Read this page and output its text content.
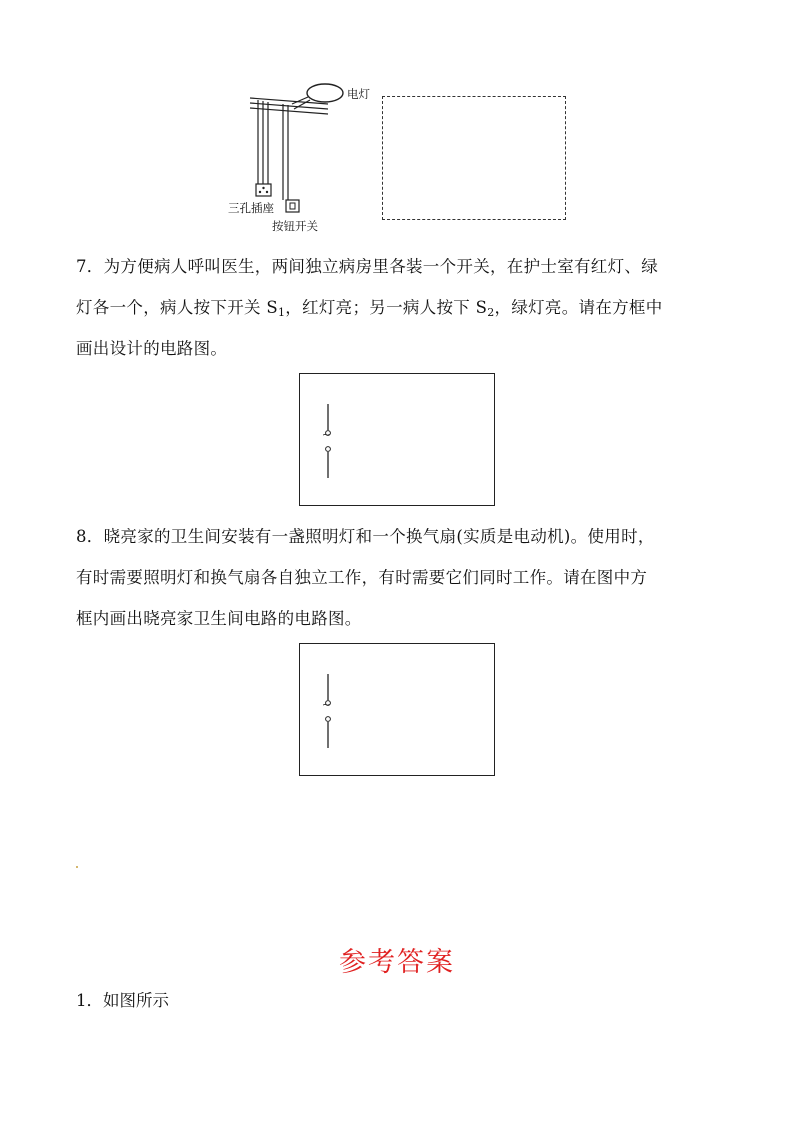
电灯
三孔插座
按钮开关
7．为方便病人呼叫医生，两间独立病房里各装一个开关，在护士室有红灯、绿
灯各一个，病人按下开关 $S_1$，红灯亮；另一病人按下 $S_2$，绿灯亮。请在方框中
画出设计的电路图。
~
8．晓亮家的卫生间安装有一盏照明灯和一个换气扇(实质是电动机)。使用时，
有时需要照明灯和换气扇各自独立工作，有时需要它们同时工作。请在图中方
框内画出晓亮家卫生间电路的电路图。
~
参考答案
1．如图所示
